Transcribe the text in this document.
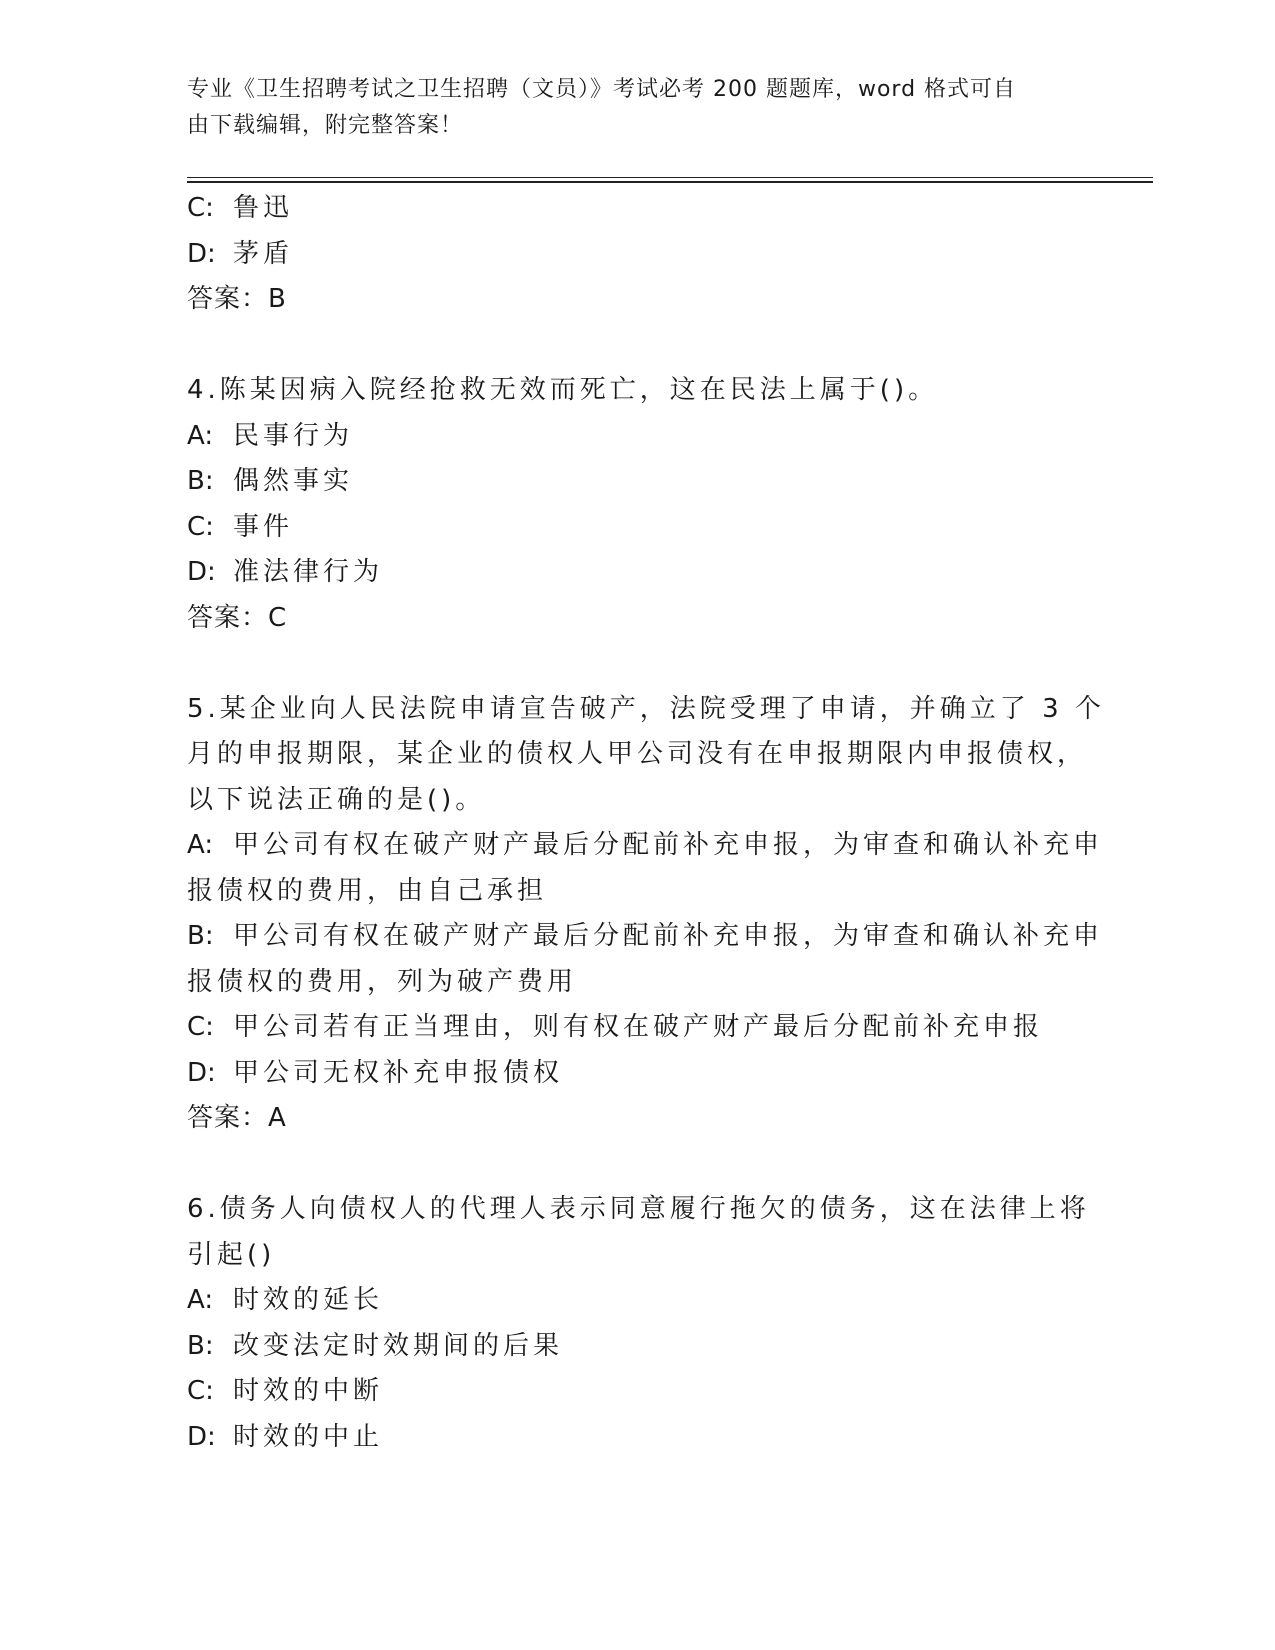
专业《卫生招聘考试之卫生招聘（文员）》考试必考 200 题题库，word 格式可自
由下载编辑，附完整答案！
C: 鲁迅
D: 茅盾
答案：B
4.陈某因病入院经抢救无效而死亡，这在民法上属于()。
A: 民事行为
B: 偶然事实
C: 事件
D: 准法律行为
答案：C
5.某企业向人民法院申请宣告破产，法院受理了申请，并确立了 3 个
月的申报期限，某企业的债权人甲公司没有在申报期限内申报债权，
以下说法正确的是()。
A: 甲公司有权在破产财产最后分配前补充申报，为审查和确认补充申
报债权的费用，由自己承担
B: 甲公司有权在破产财产最后分配前补充申报，为审查和确认补充申
报债权的费用，列为破产费用
C: 甲公司若有正当理由，则有权在破产财产最后分配前补充申报
D: 甲公司无权补充申报债权
答案：A
6.债务人向债权人的代理人表示同意履行拖欠的债务，这在法律上将
引起()
A: 时效的延长
B: 改变法定时效期间的后果
C: 时效的中断
D: 时效的中止
